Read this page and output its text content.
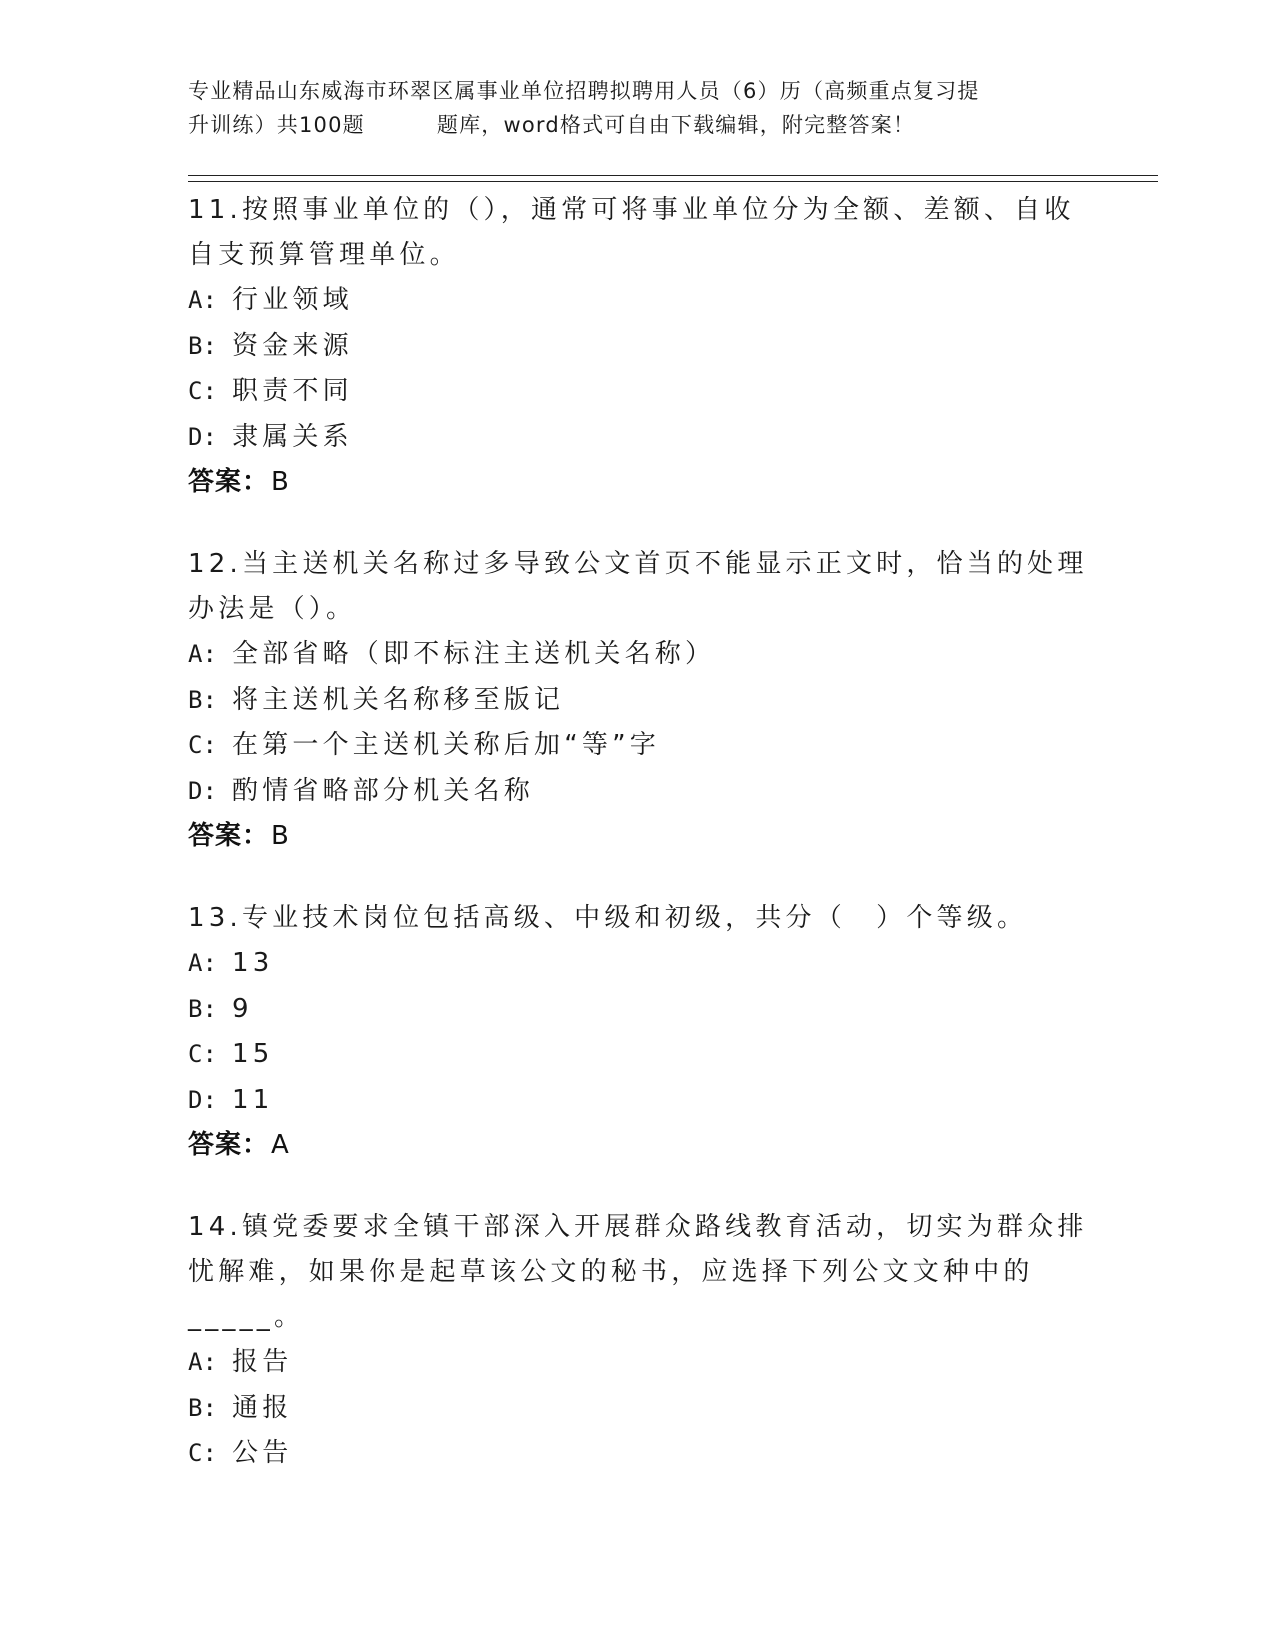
专业精品山东威海市环翠区属事业单位招聘拟聘用人员（6）历（高频重点复习提
升训练）共100题	题库，word格式可自由下载编辑，附完整答案！

11.按照事业单位的（），通常可将事业单位分为全额、差额、自收自支预算管理单位。

A: 行业领域
B: 资金来源
C: 职责不同
D: 隶属关系
答案：B

12.当主送机关名称过多导致公文首页不能显示正文时，恰当的处理办法是（）。

A: 全部省略（即不标注主送机关名称）
B: 将主送机关名称移至版记
C: 在第一个主送机关称后加“等”字
D: 酌情省略部分机关名称
答案：B

13.专业技术岗位包括高级、中级和初级，共分（　）个等级。

A: 13
B: 9
C: 15
D: 11
答案：A

14.镇党委要求全镇干部深入开展群众路线教育活动，切实为群众排忧解难，如果你是起草该公文的秘书，应选择下列公文文种中的_____。

A: 报告
B: 通报
C: 公告
